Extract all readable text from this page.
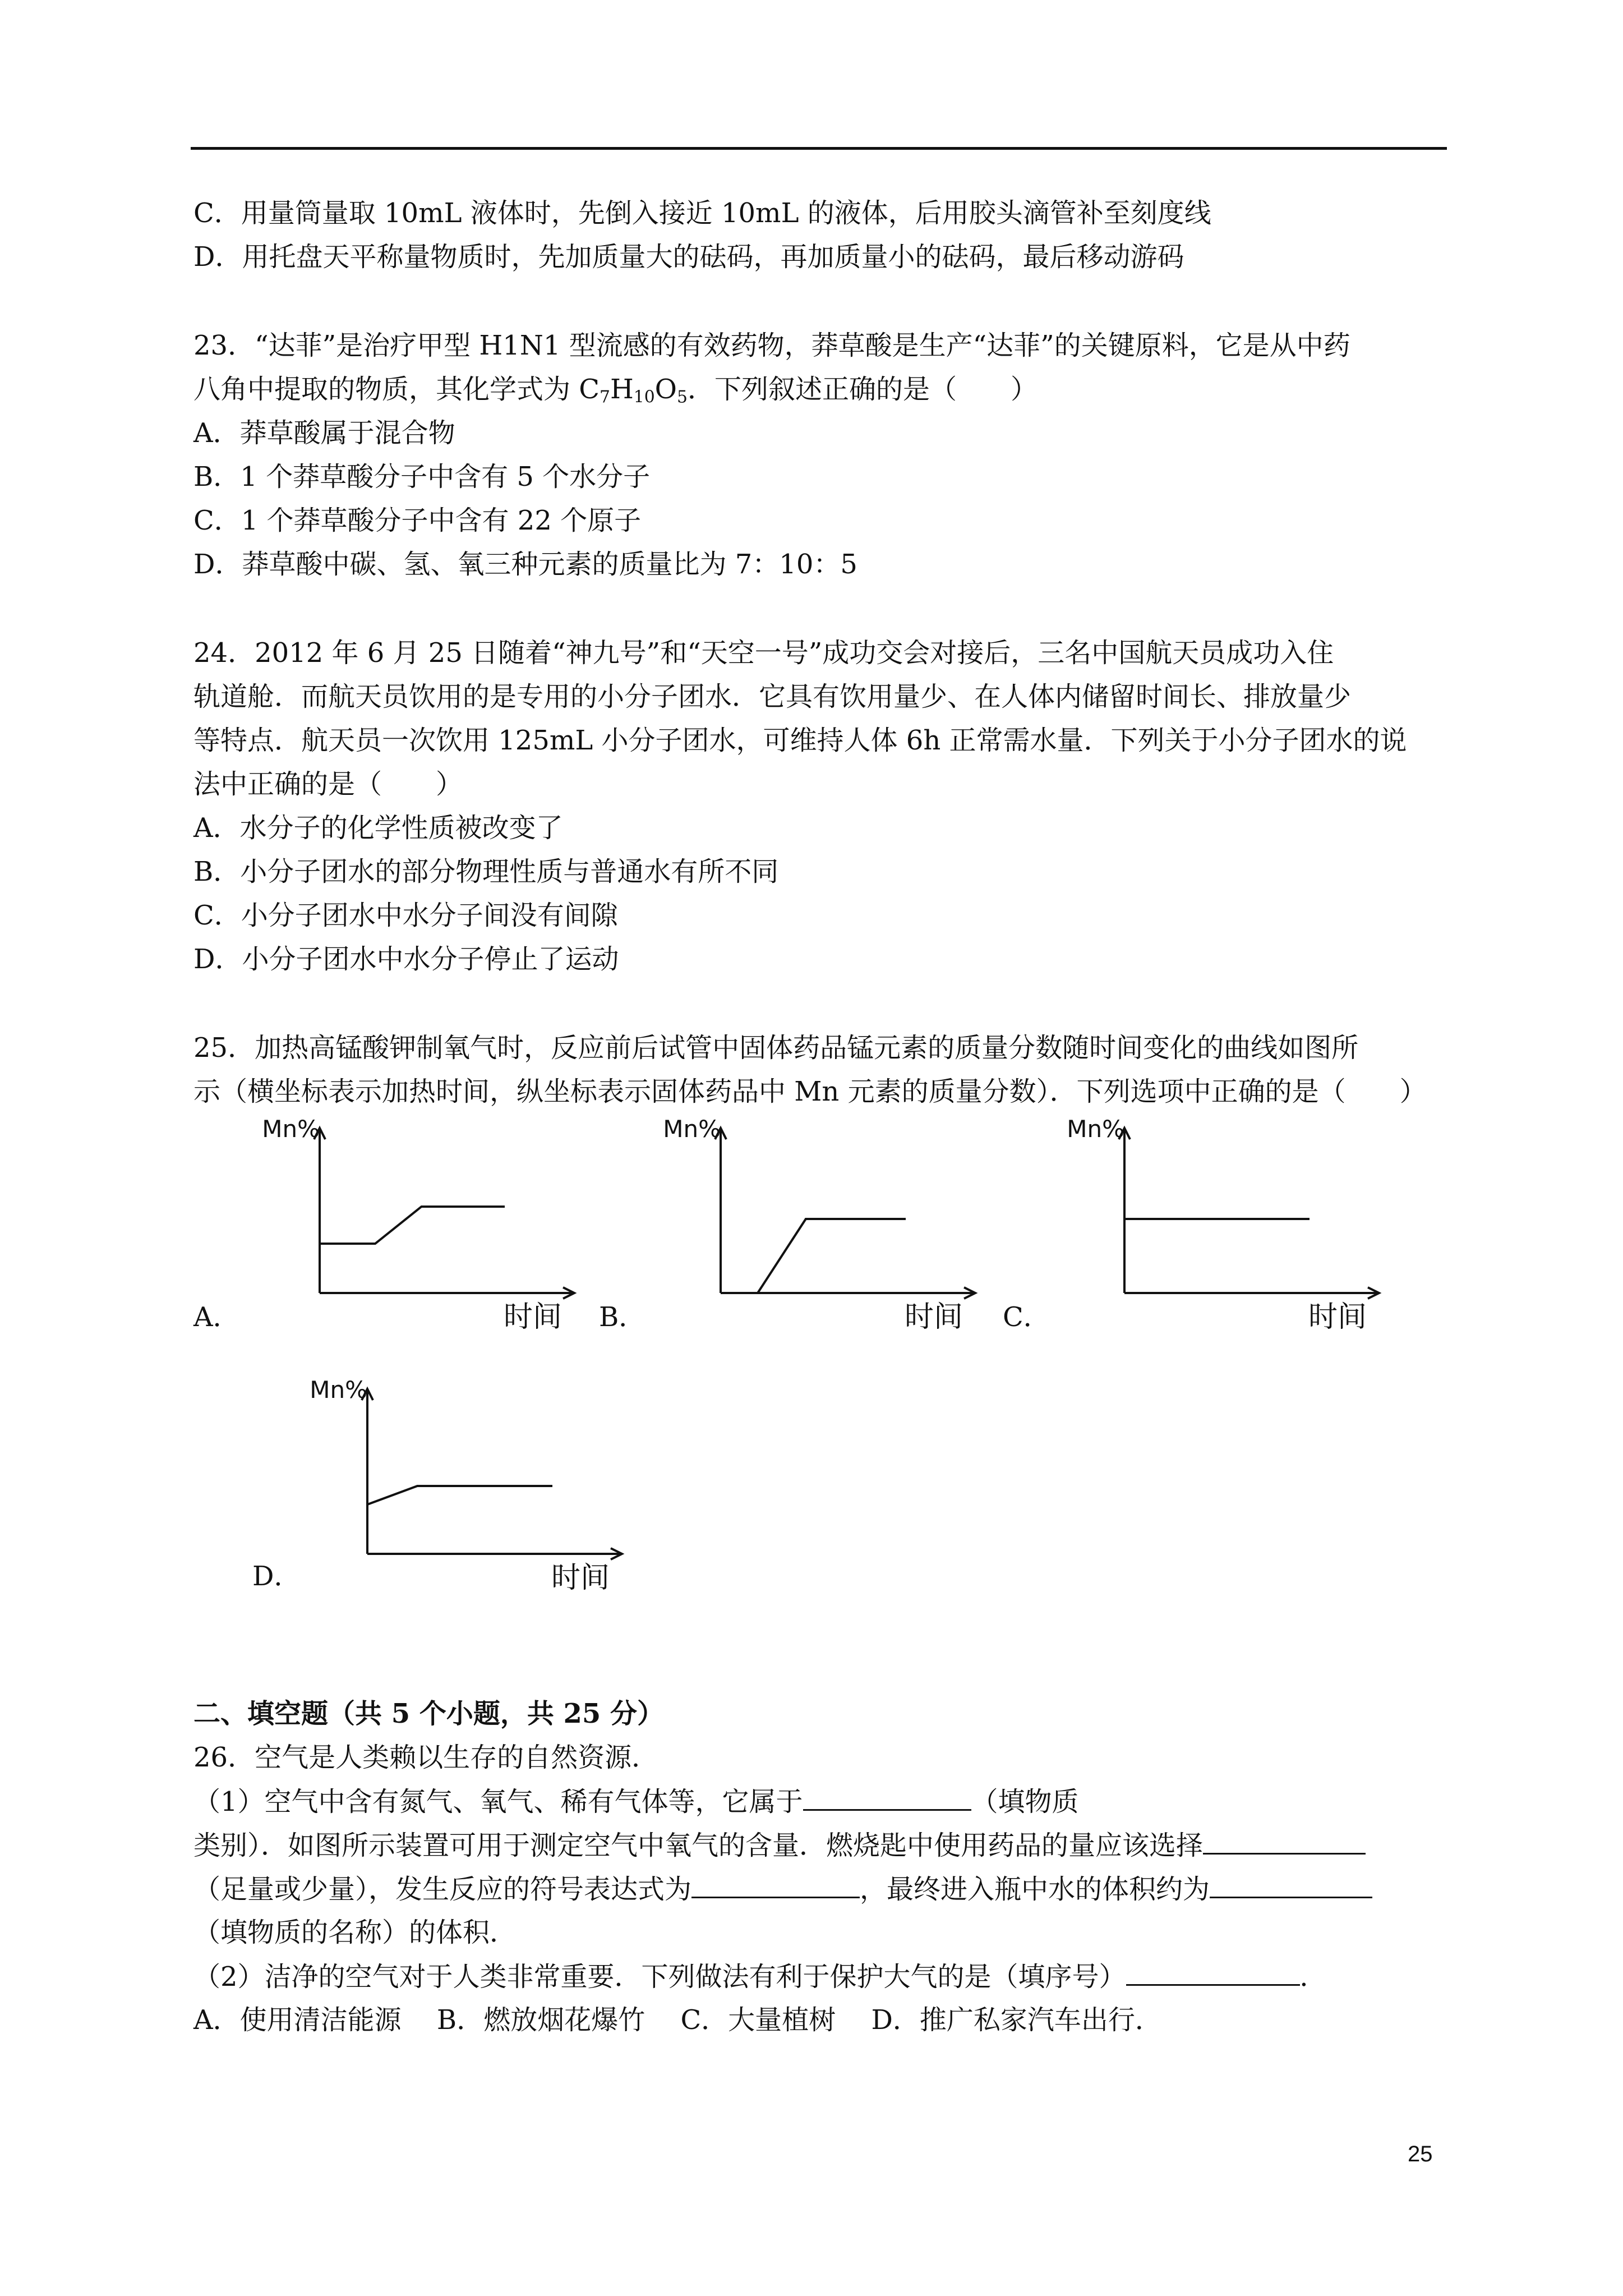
C．用量筒量取 10mL 液体时，先倒入接近 10mL 的液体，后用胶头滴管补至刻度线
D．用托盘天平称量物质时，先加质量大的砝码，再加质量小的砝码，最后移动游码
23．“达菲”是治疗甲型 H1N1 型流感的有效药物，莽草酸是生产“达菲”的关键原料，它是从中药
八角中提取的物质，其化学式为 $C_7H_{10}O_5$．下列叙述正确的是（　　）
A．莽草酸属于混合物
B．1 个莽草酸分子中含有 5 个水分子
C．1 个莽草酸分子中含有 22 个原子
D．莽草酸中碳、氢、氧三种元素的质量比为 7：10：5
24．2012 年 6 月 25 日随着“神九号”和“天空一号”成功交会对接后，三名中国航天员成功入住
轨道舱．而航天员饮用的是专用的小分子团水．它具有饮用量少、在人体内储留时间长、排放量少
等特点．航天员一次饮用 125mL 小分子团水，可维持人体 6h 正常需水量．下列关于小分子团水的说
法中正确的是（　　）
A．水分子的化学性质被改变了
B．小分子团水的部分物理性质与普通水有所不同
C．小分子团水中水分子间没有间隙
D．小分子团水中水分子停止了运动
25．加热高锰酸钾制氧气时，反应前后试管中固体药品锰元素的质量分数随时间变化的曲线如图所
示（横坐标表示加热时间，纵坐标表示固体药品中 Mn 元素的质量分数）．下列选项中正确的是（　　）
A．	B．	C．
D．
Mn%
时间
Mn%
时间
Mn%
时间
Mn%
时间
二、填空题（共 5 个小题，共 25 分）
26．空气是人类赖以生存的自然资源．
（1）空气中含有氮气、氧气、稀有气体等，它属于	（填物质
类别）．如图所示装置可用于测定空气中氧气的含量．燃烧匙中使用药品的量应该选择
（足量或少量），发生反应的符号表达式为	，最终进入瓶中水的体积约为
（填物质的名称）的体积．
（2）洁净的空气对于人类非常重要．下列做法有利于保护大气的是（填序号）	．
A．使用清洁能源　 B．燃放烟花爆竹　 C．大量植树　 D．推广私家汽车出行．
25
